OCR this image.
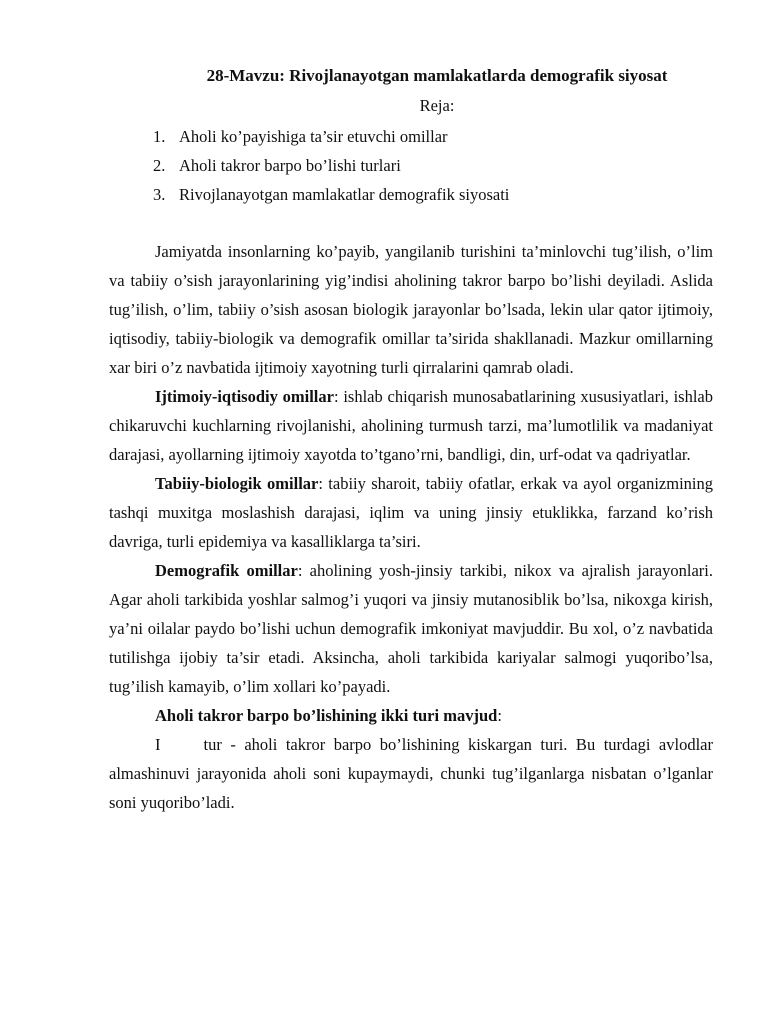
28-Mavzu: Rivojlanayotgan mamlakatlarda demografik siyosat
Reja:
1. Aholi ko’payishiga ta’sir etuvchi omillar
2. Aholi takror barpo bo’lishi turlari
3. Rivojlanayotgan mamlakatlar demografik siyosati

Jamiyatda insonlarning ko’payib, yangilanib turishini ta’minlovchi tug’ilish, o’lim va tabiiy o’sish jarayonlarining yig’indisi aholining takror barpo bo’lishi deyiladi. Aslida tug’ilish, o’lim, tabiiy o’sish asosan biologik jarayonlar bo’lsada, lekin ular qator ijtimoiy, iqtisodiy, tabiiy-biologik va demografik omillar ta’sirida shakllanadi. Mazkur omillarning xar biri o’z navbatida ijtimoiy xayotning turli qirralarini qamrab oladi.

Ijtimoiy-iqtisodiy omillar: ishlab chiqarish munosabatlarining xususiyatlari, ishlab chikaruvchi kuchlarning rivojlanishi, aholining turmush tarzi, ma’lumotlilik va madaniyat darajasi, ayollarning ijtimoiy xayotda to’tgano’rni, bandligi, din, urf-odat va qadriyatlar.

Tabiiy-biologik omillar: tabiiy sharoit, tabiiy ofatlar, erkak va ayol organizmining tashqi muxitga moslashish darajasi, iqlim va uning jinsiy etuklikka, farzand ko’rish davriga, turli epidemiya va kasalliklarga ta’siri.

Demografik omillar: aholining yosh-jinsiy tarkibi, nikox va ajralish jarayonlari. Agar aholi tarkibida yoshlar salmog’i yuqori va jinsiy mutanosiblik bo’lsa, nikoxga kirish, ya’ni oilalar paydo bo’lishi uchun demografik imkoniyat mavjuddir. Bu xol, o’z navbatida tutilishga ijobiy ta’sir etadi. Aksincha, aholi tarkibida kariyalar salmogi yuqoribo’lsa, tug’ilish kamayib, o’lim xollari ko’payadi.

Aholi takror barpo bo’lishining ikki turi mavjud:

I	tur - aholi takror barpo bo’lishining kiskargan turi. Bu turdagi avlodlar almashinuvi jarayonida aholi soni kupaymaydi, chunki tug’ilganlarga nisbatan o’lganlar soni yuqoribo’ladi.
